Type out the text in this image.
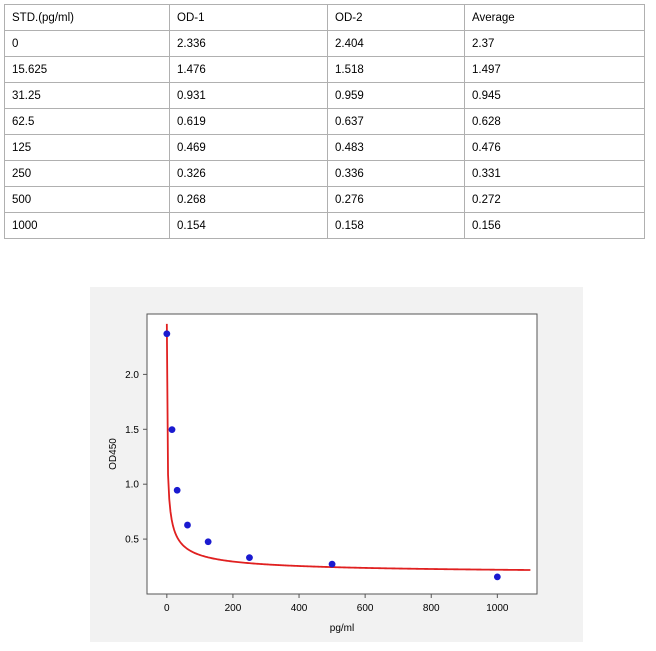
STD.(pg/ml)	OD-1	OD-2	Average
0	2.336	2.404	2.37
15.625	1.476	1.518	1.497
31.25	0.931	0.959	0.945
62.5	0.619	0.637	0.628
125	0.469	0.483	0.476
250	0.326	0.336	0.331
500	0.268	0.276	0.272
1000	0.154	0.158	0.156
0	200	400	600	800	1000
0.5
1.0
1.5
2.0
pg/ml
OD450
